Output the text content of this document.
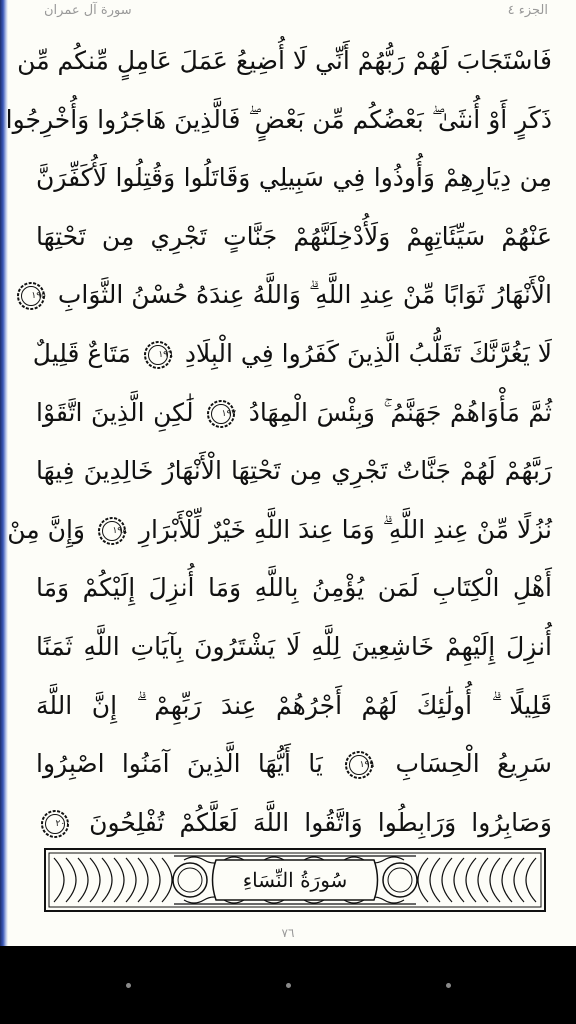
الجزء ٤
سورة آل عمران
فَاسْتَجَابَ لَهُمْ رَبُّهُمْ أَنِّي لَا أُضِيعُ عَمَلَ عَامِلٍ مِّنكُم مِّن
ذَكَرٍ أَوْ أُنثَىٰ ۖ بَعْضُكُم مِّن بَعْضٍ ۖ فَالَّذِينَ هَاجَرُوا وَأُخْرِجُوا
مِن دِيَارِهِمْ وَأُوذُوا فِي سَبِيلِي وَقَاتَلُوا وَقُتِلُوا لَأُكَفِّرَنَّ
عَنْهُمْ سَيِّئَاتِهِمْ وَلَأُدْخِلَنَّهُمْ جَنَّاتٍ تَجْرِي مِن تَحْتِهَا
الْأَنْهَارُ ثَوَابًا مِّنْ عِندِ اللَّهِ ۗ وَاللَّهُ عِندَهُ حُسْنُ الثَّوَابِ
١٩٥
لَا يَغُرَّنَّكَ تَقَلُّبُ الَّذِينَ كَفَرُوا فِي الْبِلَادِ
١٩٦
مَتَاعٌ قَلِيلٌ
ثُمَّ مَأْوَاهُمْ جَهَنَّمُ ۚ وَبِئْسَ الْمِهَادُ
١٩٧
لَٰكِنِ الَّذِينَ اتَّقَوْا
رَبَّهُمْ لَهُمْ جَنَّاتٌ تَجْرِي مِن تَحْتِهَا الْأَنْهَارُ خَالِدِينَ فِيهَا
نُزُلًا مِّنْ عِندِ اللَّهِ ۗ وَمَا عِندَ اللَّهِ خَيْرٌ لِّلْأَبْرَارِ
١٩٨
وَإِنَّ مِنْ
أَهْلِ الْكِتَابِ لَمَن يُؤْمِنُ بِاللَّهِ وَمَا أُنزِلَ إِلَيْكُمْ وَمَا
أُنزِلَ إِلَيْهِمْ خَاشِعِينَ لِلَّهِ لَا يَشْتَرُونَ بِآيَاتِ اللَّهِ ثَمَنًا
قَلِيلًا ۗ أُولَٰئِكَ لَهُمْ أَجْرُهُمْ عِندَ رَبِّهِمْ ۗ إِنَّ اللَّهَ
سَرِيعُ الْحِسَابِ
١٩٩
يَا أَيُّهَا الَّذِينَ آمَنُوا اصْبِرُوا
وَصَابِرُوا وَرَابِطُوا وَاتَّقُوا اللَّهَ لَعَلَّكُمْ تُفْلِحُونَ
٢٠٠
سُورَةُ النِّسَاءِ
٧٦
